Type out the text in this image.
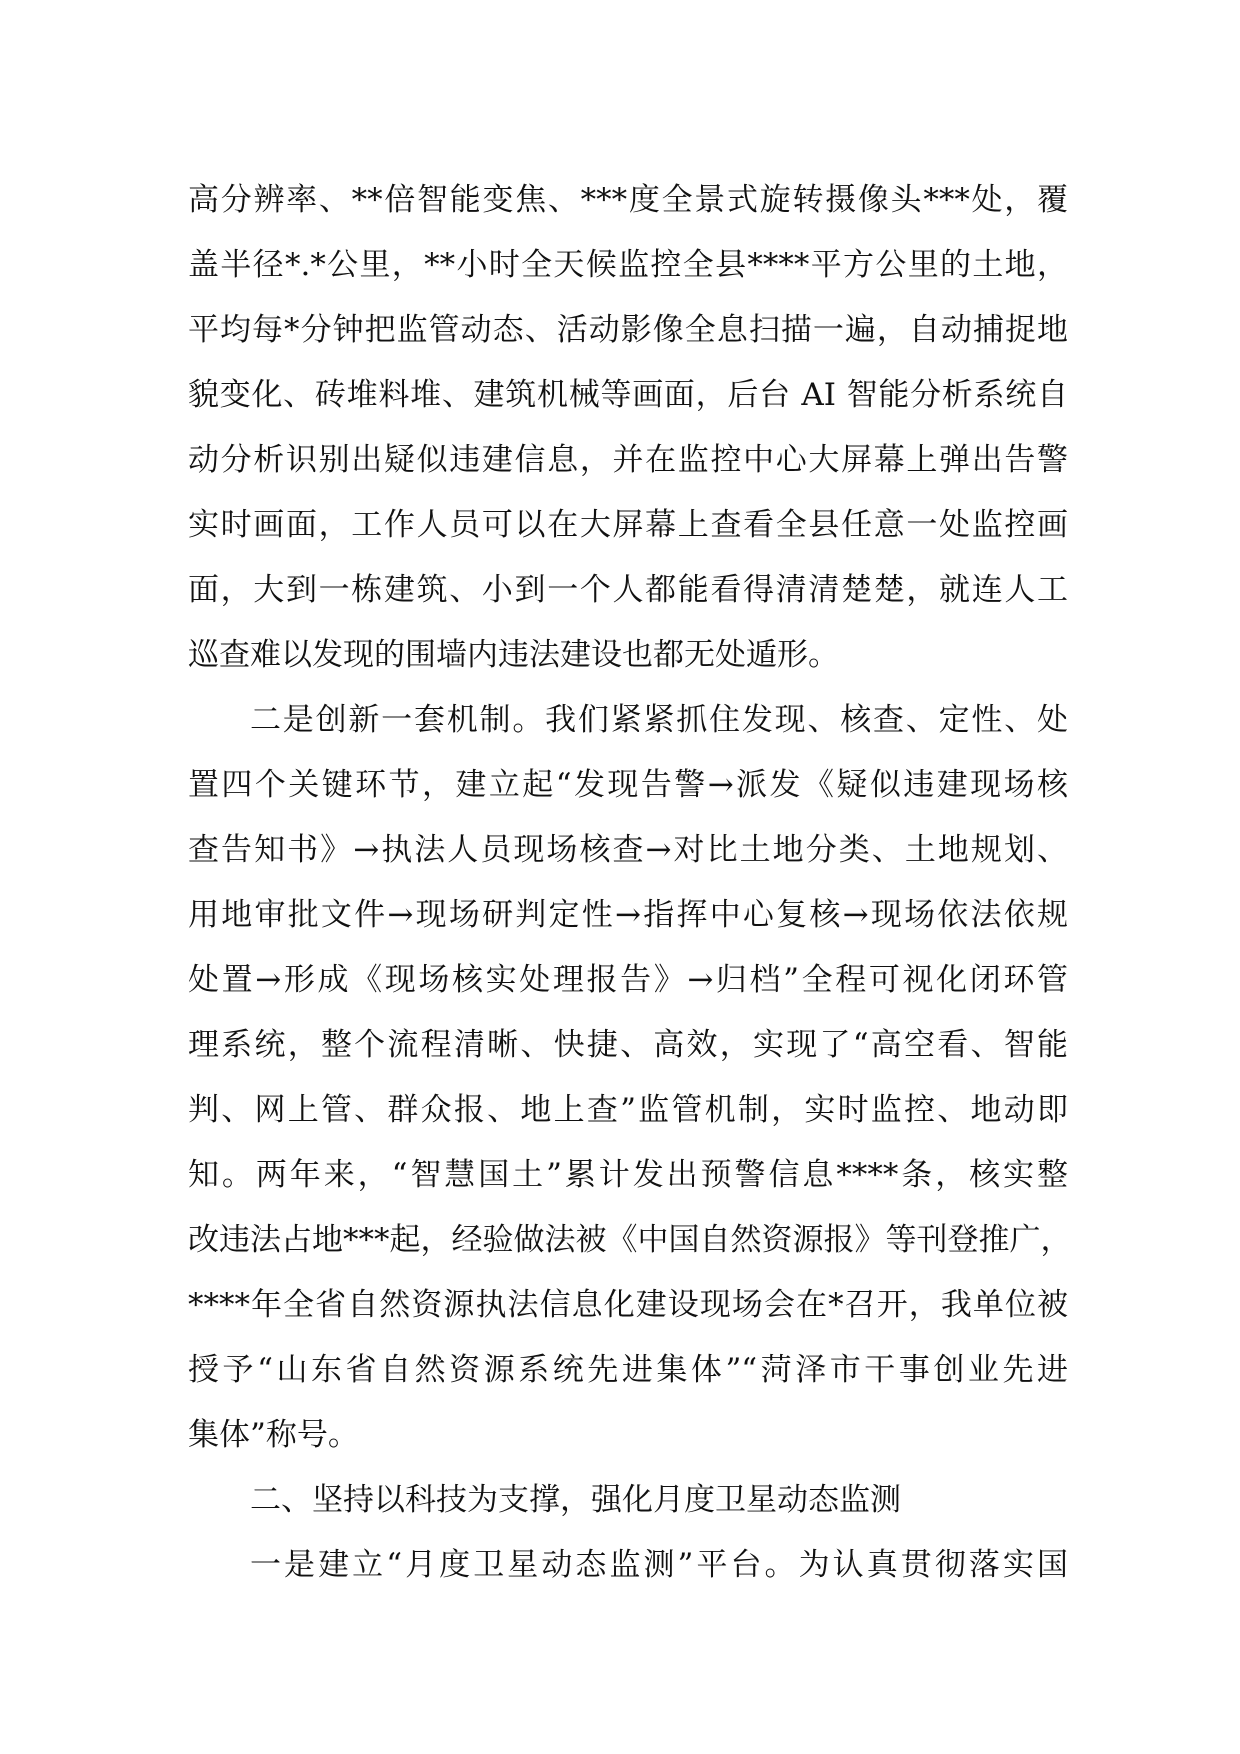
高分辨率、**倍智能变焦、***度全景式旋转摄像头***处，覆
盖半径*.*公里，**小时全天候监控全县****平方公里的土地，
平均每*分钟把监管动态、活动影像全息扫描一遍，自动捕捉地
貌变化、砖堆料堆、建筑机械等画面，后台 AI 智能分析系统自
动分析识别出疑似违建信息，并在监控中心大屏幕上弹出告警
实时画面，工作人员可以在大屏幕上查看全县任意一处监控画
面，大到一栋建筑、小到一个人都能看得清清楚楚，就连人工
巡查难以发现的围墙内违法建设也都无处遁形。
二是创新一套机制。我们紧紧抓住发现、核查、定性、处
置四个关键环节，建立起“发现告警→派发《疑似违建现场核
查告知书》→执法人员现场核查→对比土地分类、土地规划、
用地审批文件→现场研判定性→指挥中心复核→现场依法依规
处置→形成《现场核实处理报告》→归档”全程可视化闭环管
理系统，整个流程清晰、快捷、高效，实现了“高空看、智能
判、网上管、群众报、地上查”监管机制，实时监控、地动即
知。两年来，“智慧国土”累计发出预警信息****条，核实整
改违法占地***起，经验做法被《中国自然资源报》等刊登推广，
****年全省自然资源执法信息化建设现场会在*召开，我单位被
授予“山东省自然资源系统先进集体”“菏泽市干事创业先进
集体”称号。
二、坚持以科技为支撑，强化月度卫星动态监测
一是建立“月度卫星动态监测”平台。为认真贯彻落实国
